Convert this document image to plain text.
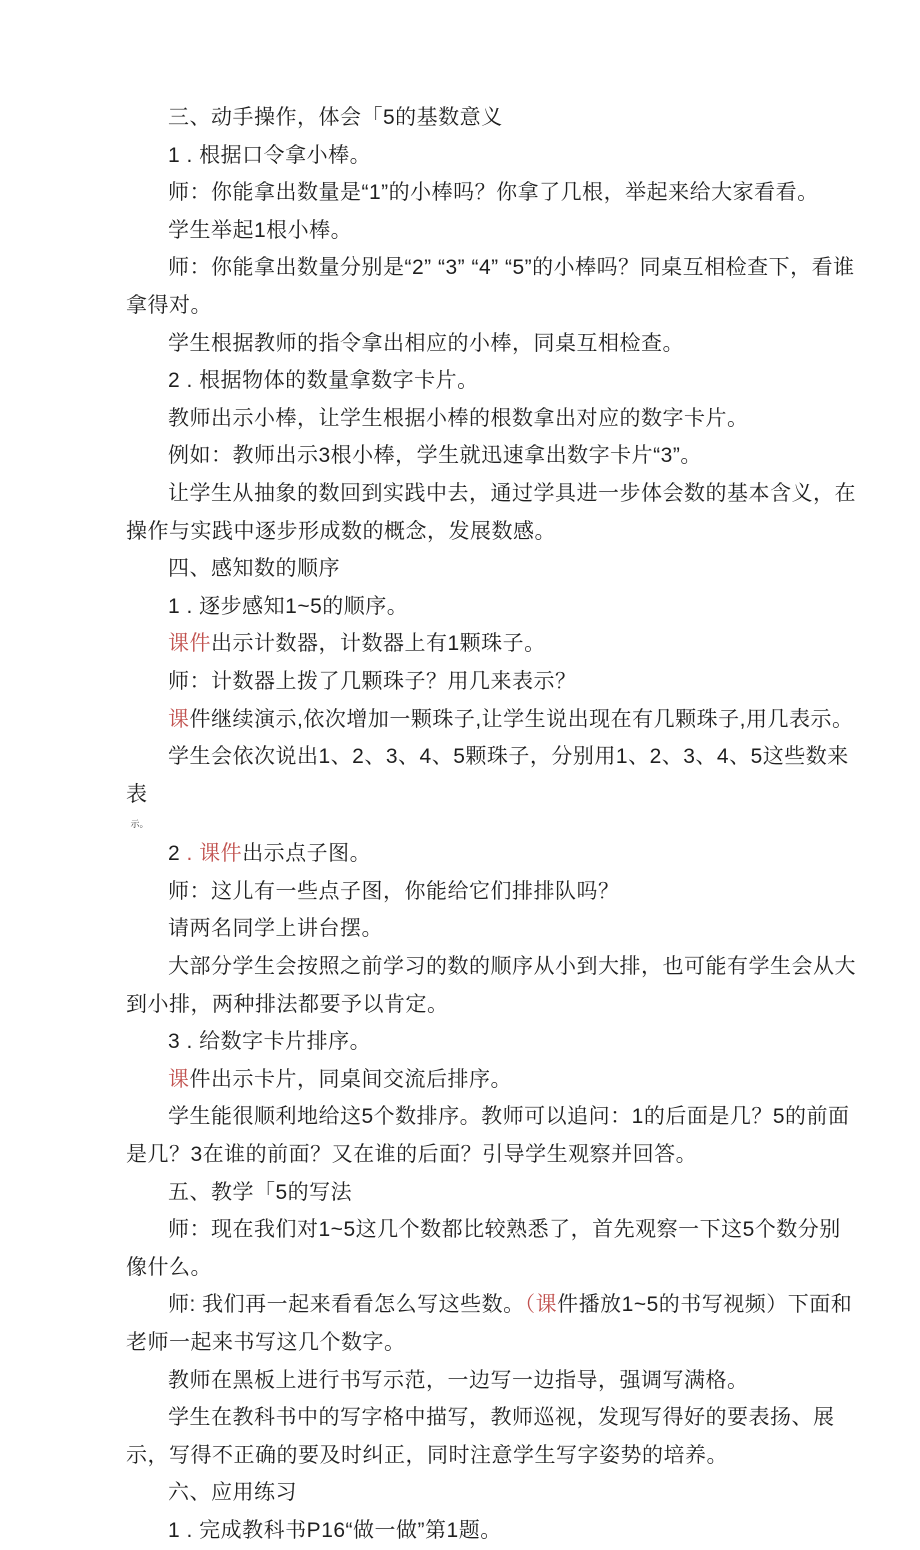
三、动手操作，体会「5的基数意义

1 . 根据口令拿小棒。

师：你能拿出数量是“1”的小棒吗？你拿了几根，举起来给大家看看。

学生举起1根小棒。

师：你能拿出数量分别是“2” “3” “4” “5”的小棒吗？同桌互相检查下，看谁拿得对。

学生根据教师的指令拿出相应的小棒，同桌互相检查。

2 . 根据物体的数量拿数字卡片。

教师出示小棒，让学生根据小棒的根数拿出对应的数字卡片。

例如：教师出示3根小棒，学生就迅速拿出数字卡片“3”。

让学生从抽象的数回到实践中去，通过学具进一步体会数的基本含义，在操作与实践中逐步形成数的概念，发展数感。

四、感知数的顺序

1 . 逐步感知1~5的顺序。

课件出示计数器，计数器上有1颗珠子。

师：计数器上拨了几颗珠子？用几来表示？

课件继续演示,依次增加一颗珠子,让学生说出现在有几颗珠子,用几表示。

学生会依次说出1、2、3、4、5颗珠子，分别用1、2、3、4、5这些数来表

示。

2 . 课件出示点子图。

师：这儿有一些点子图，你能给它们排排队吗？

请两名同学上讲台摆。

大部分学生会按照之前学习的数的顺序从小到大排，也可能有学生会从大到小排，两种排法都要予以肯定。

3 . 给数字卡片排序。

课件出示卡片，同桌间交流后排序。

学生能很顺利地给这5个数排序。教师可以追问：1的后面是几？5的前面是几？3在谁的前面？又在谁的后面？引导学生观察并回答。

五、教学「5的写法

师：现在我们对1~5这几个数都比较熟悉了，首先观察一下这5个数分别像什么。

师: 我们再一起来看看怎么写这些数。（课件播放1~5的书写视频）下面和老师一起来书写这几个数字。

教师在黑板上进行书写示范，一边写一边指导，强调写满格。

学生在教科书中的写字格中描写，教师巡视，发现写得好的要表扬、展示，写得不正确的要及时纠正，同时注意学生写字姿势的培养。

六、应用练习

1 . 完成教科书P16“做一做”第1题。
